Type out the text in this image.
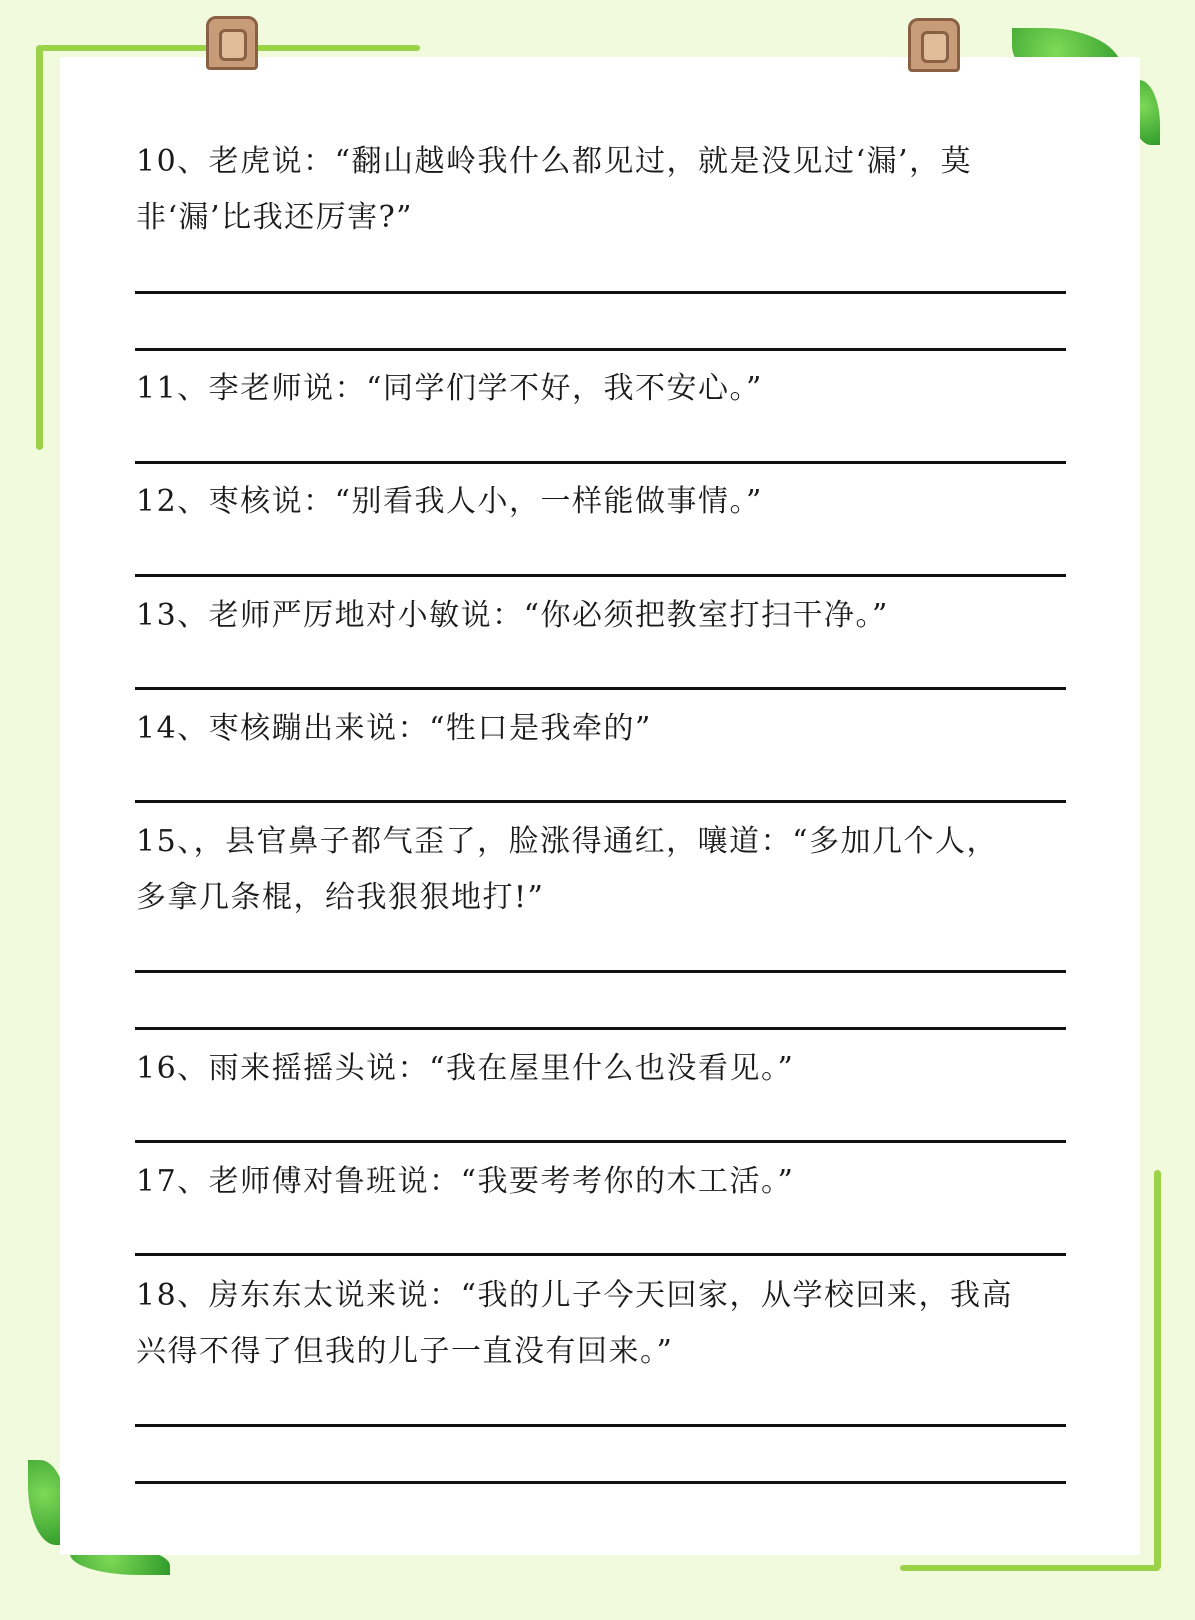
10、老虎说：“翻山越岭我什么都见过，就是没见过‘漏’，莫
非‘漏’比我还厉害?”
11、李老师说：“同学们学不好，我不安心。”
12、枣核说：“别看我人小，一样能做事情。”
13、老师严厉地对小敏说：“你必须把教室打扫干净。”
14、枣核蹦出来说：“牲口是我牵的”
15、，县官鼻子都气歪了，脸涨得通红，嚷道：“多加几个人，
多拿几条棍，给我狠狠地打!”
16、雨来摇摇头说：“我在屋里什么也没看见。”
17、老师傅对鲁班说：“我要考考你的木工活。”
18、房东东太说来说：“我的儿子今天回家，从学校回来，我高
兴得不得了但我的儿子一直没有回来。”
